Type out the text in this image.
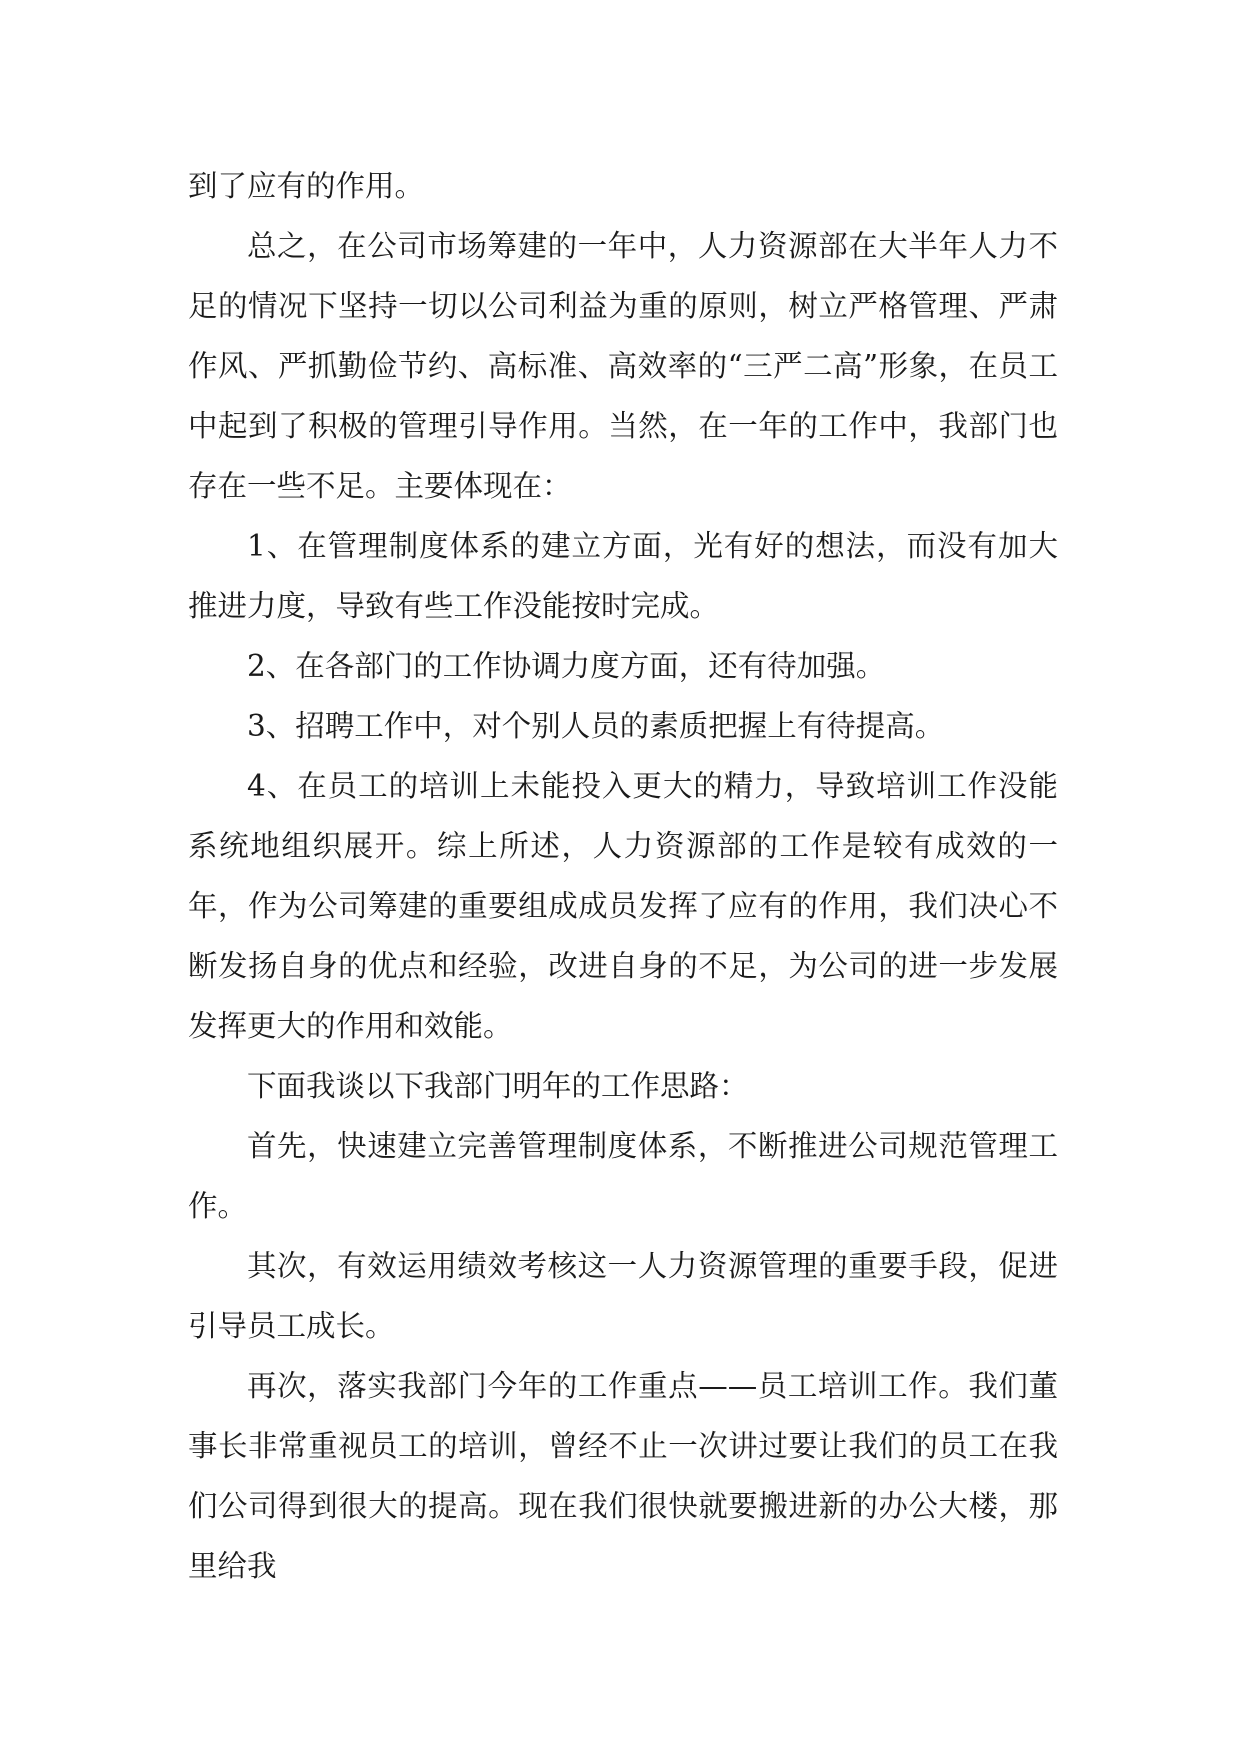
到了应有的作用。

总之，在公司市场筹建的一年中，人力资源部在大半年人力不足的情况下坚持一切以公司利益为重的原则，树立严格管理、严肃作风、严抓勤俭节约、高标准、高效率的“三严二高”形象，在员工中起到了积极的管理引导作用。当然，在一年的工作中，我部门也存在一些不足。主要体现在：

1、在管理制度体系的建立方面，光有好的想法，而没有加大推进力度，导致有些工作没能按时完成。

2、在各部门的工作协调力度方面，还有待加强。

3、招聘工作中，对个别人员的素质把握上有待提高。

4、在员工的培训上未能投入更大的精力，导致培训工作没能系统地组织展开。综上所述，人力资源部的工作是较有成效的一年，作为公司筹建的重要组成成员发挥了应有的作用，我们决心不断发扬自身的优点和经验，改进自身的不足，为公司的进一步发展发挥更大的作用和效能。

下面我谈以下我部门明年的工作思路：

首先，快速建立完善管理制度体系，不断推进公司规范管理工作。

其次，有效运用绩效考核这一人力资源管理的重要手段，促进引导员工成长。

再次，落实我部门今年的工作重点——员工培训工作。我们董事长非常重视员工的培训，曾经不止一次讲过要让我们的员工在我们公司得到很大的提高。现在我们很快就要搬进新的办公大楼，那里给我
